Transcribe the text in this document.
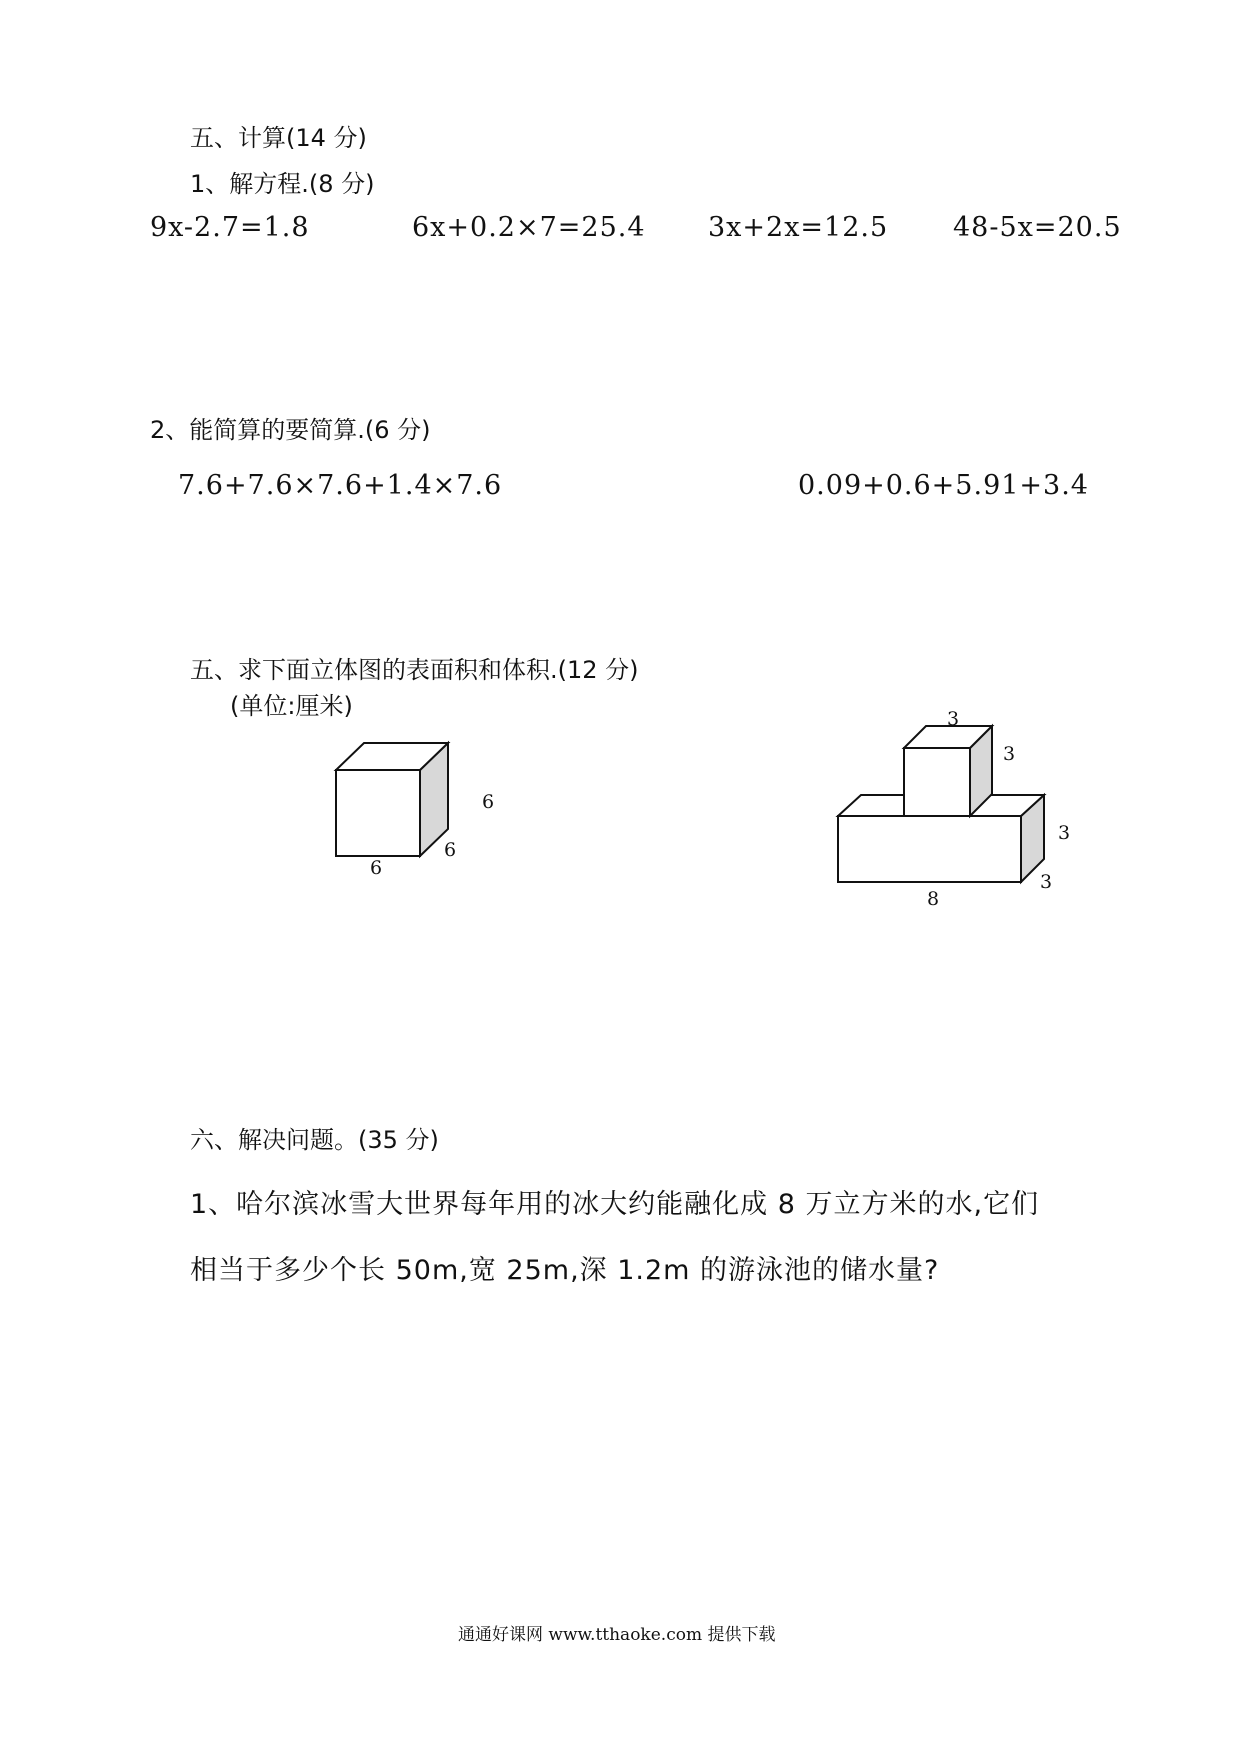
五、计算(14 分)
1、解方程.(8 分)
9x-2.7=1.8	6x+0.2×7=25.4 3x+2x=12.5 48-5x=20.5
2、能简算的要简算.(6 分)
7.6+7.6×7.6+1.4×7.6	0.09+0.6+5.91+3.4
五、求下面立体图的表面积和体积.(12 分)
(单位:厘米)
6
6
6
3
3
3
3
8
六、解决问题。(35 分)
1、哈尔滨冰雪大世界每年用的冰大约能融化成 8 万立方米的水,它们
相当于多少个长 50m,宽 25m,深 1.2m 的游泳池的储水量?
通通好课网 www.tthaoke.com 提供下载
